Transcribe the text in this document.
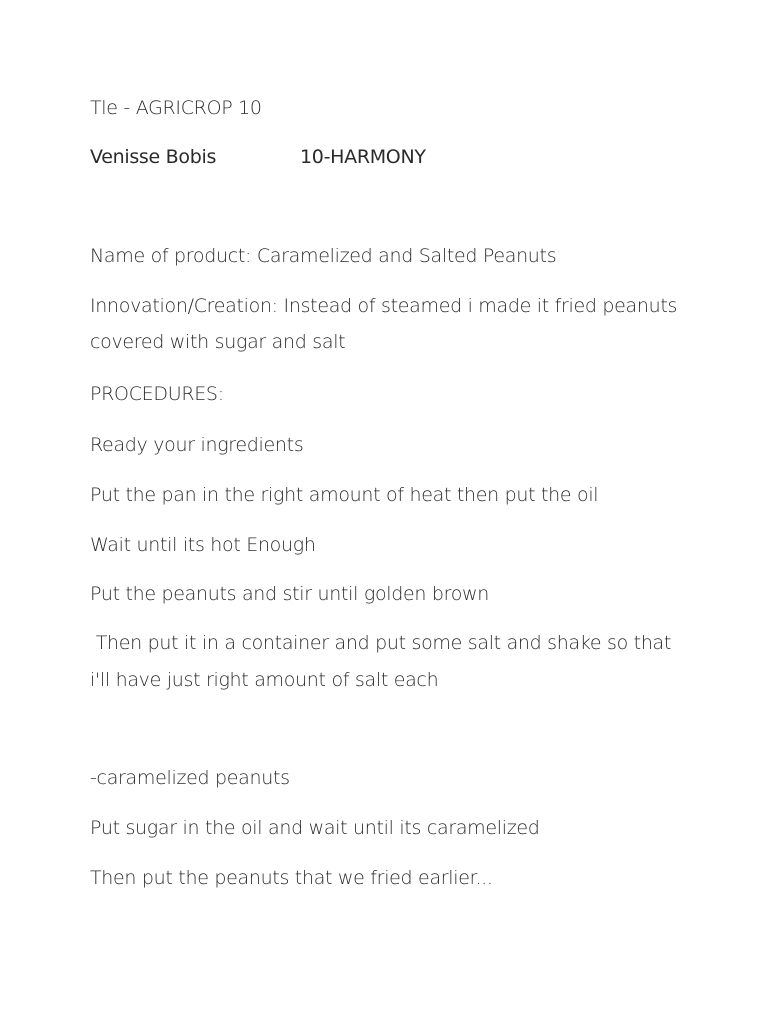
Tle - AGRICROP 10
Venisse Bobis	10-HARMONY
Name of product: Caramelized and Salted Peanuts
Innovation/Creation: Instead of steamed i made it fried peanuts
covered with sugar and salt
PROCEDURES:
Ready your ingredients
Put the pan in the right amount of heat then put the oil
Wait until its hot Enough
Put the peanuts and stir until golden brown
Then put it in a container and put some salt and shake so that
i'll have just right amount of salt each
-caramelized peanuts
Put sugar in the oil and wait until its caramelized
Then put the peanuts that we fried earlier...
